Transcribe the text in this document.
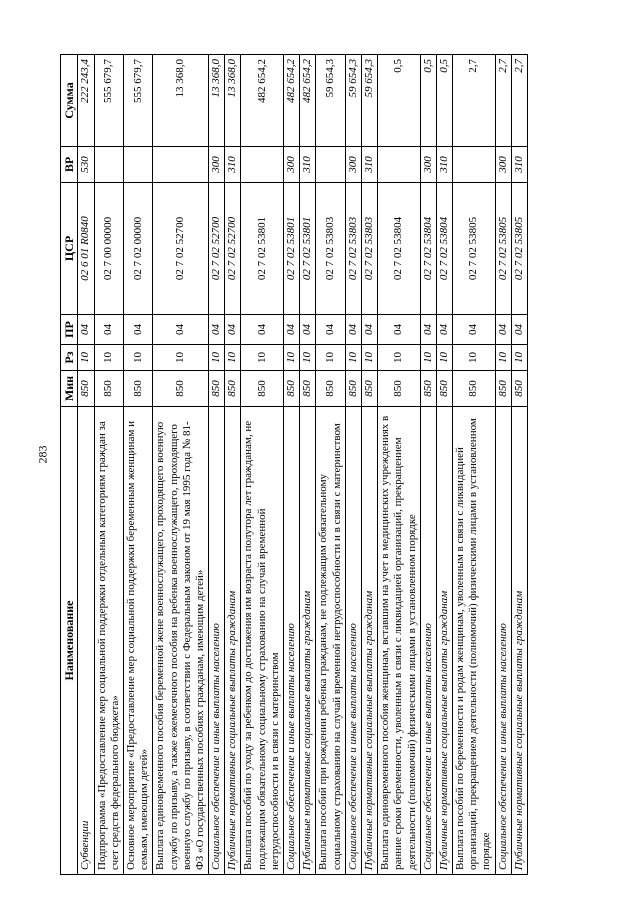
283
Наименование	Мин	Рз	ПР	ЦСР	ВР	Сумма
Субвенции	850	10	04	02 6 01 R0840	530	222 243,4
Подпрограмма «Предоставление мер социальной поддержки отдельным категориям граждан за счет средств федерального бюджета»	850	10	04	02 7 00 00000		555 679,7
Основное мероприятие «Предоставление мер социальной поддержки беременным женщинам и семьям, имеющим детей»	850	10	04	02 7 02 00000		555 679,7
Выплата единовременного пособия беременной жене военнослужащего, проходящего военную службу по призыву, а также ежемесячного пособия на ребенка военнослужащего, проходящего военную службу по призыву, в соответствии с Федеральным законом от 19 мая 1995 года № 81-ФЗ «О государственных пособиях гражданам, имеющим детей»	850	10	04	02 7 02 52700		13 368,0
Социальное обеспечение и иные выплаты населению	850	10	04	02 7 02 52700	300	13 368,0
Публичные нормативные социальные выплаты гражданам	850	10	04	02 7 02 52700	310	13 368,0
Выплата пособий по уходу за ребенком до достижения им возраста полутора лет гражданам, не подлежащим обязательному социальному страхованию на случай временной нетрудоспособности и в связи с материнством	850	10	04	02 7 02 53801		482 654,2
Социальное обеспечение и иные выплаты населению	850	10	04	02 7 02 53801	300	482 654,2
Публичные нормативные социальные выплаты гражданам	850	10	04	02 7 02 53801	310	482 654,2
Выплата пособий при рождении ребенка гражданам, не подлежащим обязательному социальному страхованию на случай временной нетрудоспособности и в связи с материнством	850	10	04	02 7 02 53803		59 654,3
Социальное обеспечение и иные выплаты населению	850	10	04	02 7 02 53803	300	59 654,3
Публичные нормативные социальные выплаты гражданам	850	10	04	02 7 02 53803	310	59 654,3
Выплата единовременного пособия женщинам, вставшим на учет в медицинских учреждениях в ранние сроки беременности, уволенным в связи с ликвидацией организаций, прекращением деятельности (полномочий) физическими лицами в установленном порядке	850	10	04	02 7 02 53804		0,5
Социальное обеспечение и иные выплаты населению	850	10	04	02 7 02 53804	300	0,5
Публичные нормативные социальные выплаты гражданам	850	10	04	02 7 02 53804	310	0,5
Выплата пособий по беременности и родам женщинам, уволенным в связи с ликвидацией организаций, прекращением деятельности (полномочий) физическими лицами в установленном порядке	850	10	04	02 7 02 53805		2,7
Социальное обеспечение и иные выплаты населению	850	10	04	02 7 02 53805	300	2,7
Публичные нормативные социальные выплаты гражданам	850	10	04	02 7 02 53805	310	2,7
